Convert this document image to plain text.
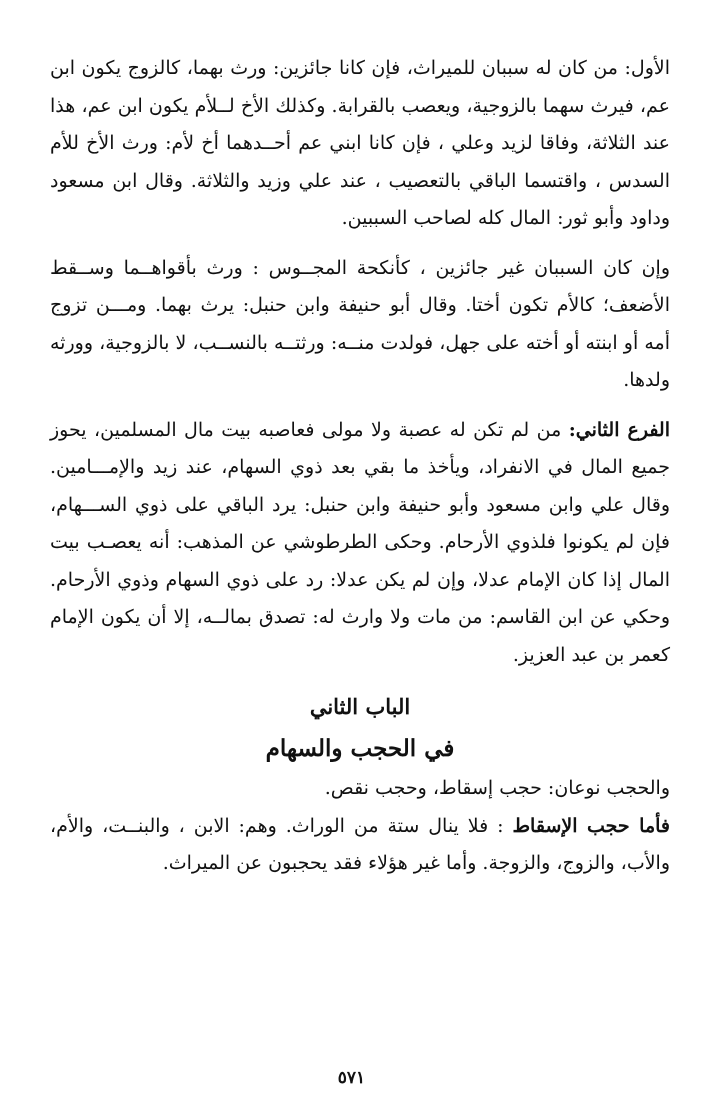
الأول: من كان له سببان للميراث، فإن كانا جائزين: ورث بهما، كالزوج يكون ابن عم، فيرث سهما بالزوجية، ويعصب بالقرابة. وكذلك الأخ لــلأم يكون ابن عم، هذا عند الثلاثة، وفاقا لزيد وعلي ، فإن كانا ابني عم أحــدهما أخ لأم: ورث الأخ للأم السدس ، واقتسما الباقي بالتعصيب ، عند علي وزيد والثلاثة. وقال ابن مسعود وداود وأبو ثور: المال كله لصاحب السببين.

وإن كان السببان غير جائزين ، كأنكحة المجــوس : ورث بأقواهــما وســقط الأضعف؛ كالأم تكون أختا. وقال أبو حنيفة وابن حنبل: يرث بهما. ومـــن تزوج أمه أو ابنته أو أخته على جهل، فولدت منــه: ورثتــه بالنســب، لا بالزوجية، وورثه ولدها.

الفرع الثاني: من لم تكن له عصبة ولا مولى فعاصبه بيت مال المسلمين، يحوز جميع المال في الانفراد، ويأخذ ما بقي بعد ذوي السهام، عند زيد والإمـــامين. وقال علي وابن مسعود وأبو حنيفة وابن حنبل: يرد الباقي على ذوي الســـهام، فإن لم يكونوا فلذوي الأرحام. وحكى الطرطوشي عن المذهب: أنه يعصـب بيت المال إذا كان الإمام عدلا، وإن لم يكن عدلا: رد على ذوي السهام وذوي الأرحام. وحكي عن ابن القاسم: من مات ولا وارث له: تصدق بمالــه، إلا أن يكون الإمام كعمر بن عبد العزيز.

الباب الثاني
في الحجب والسهام

والحجب نوعان: حجب إسقاط، وحجب نقص.

فأما حجب الإسقاط : فلا ينال ستة من الوراث. وهم: الابن ، والبنــت، والأم، والأب، والزوج، والزوجة. وأما غير هؤلاء فقد يحجبون عن الميراث.

٥٧١
